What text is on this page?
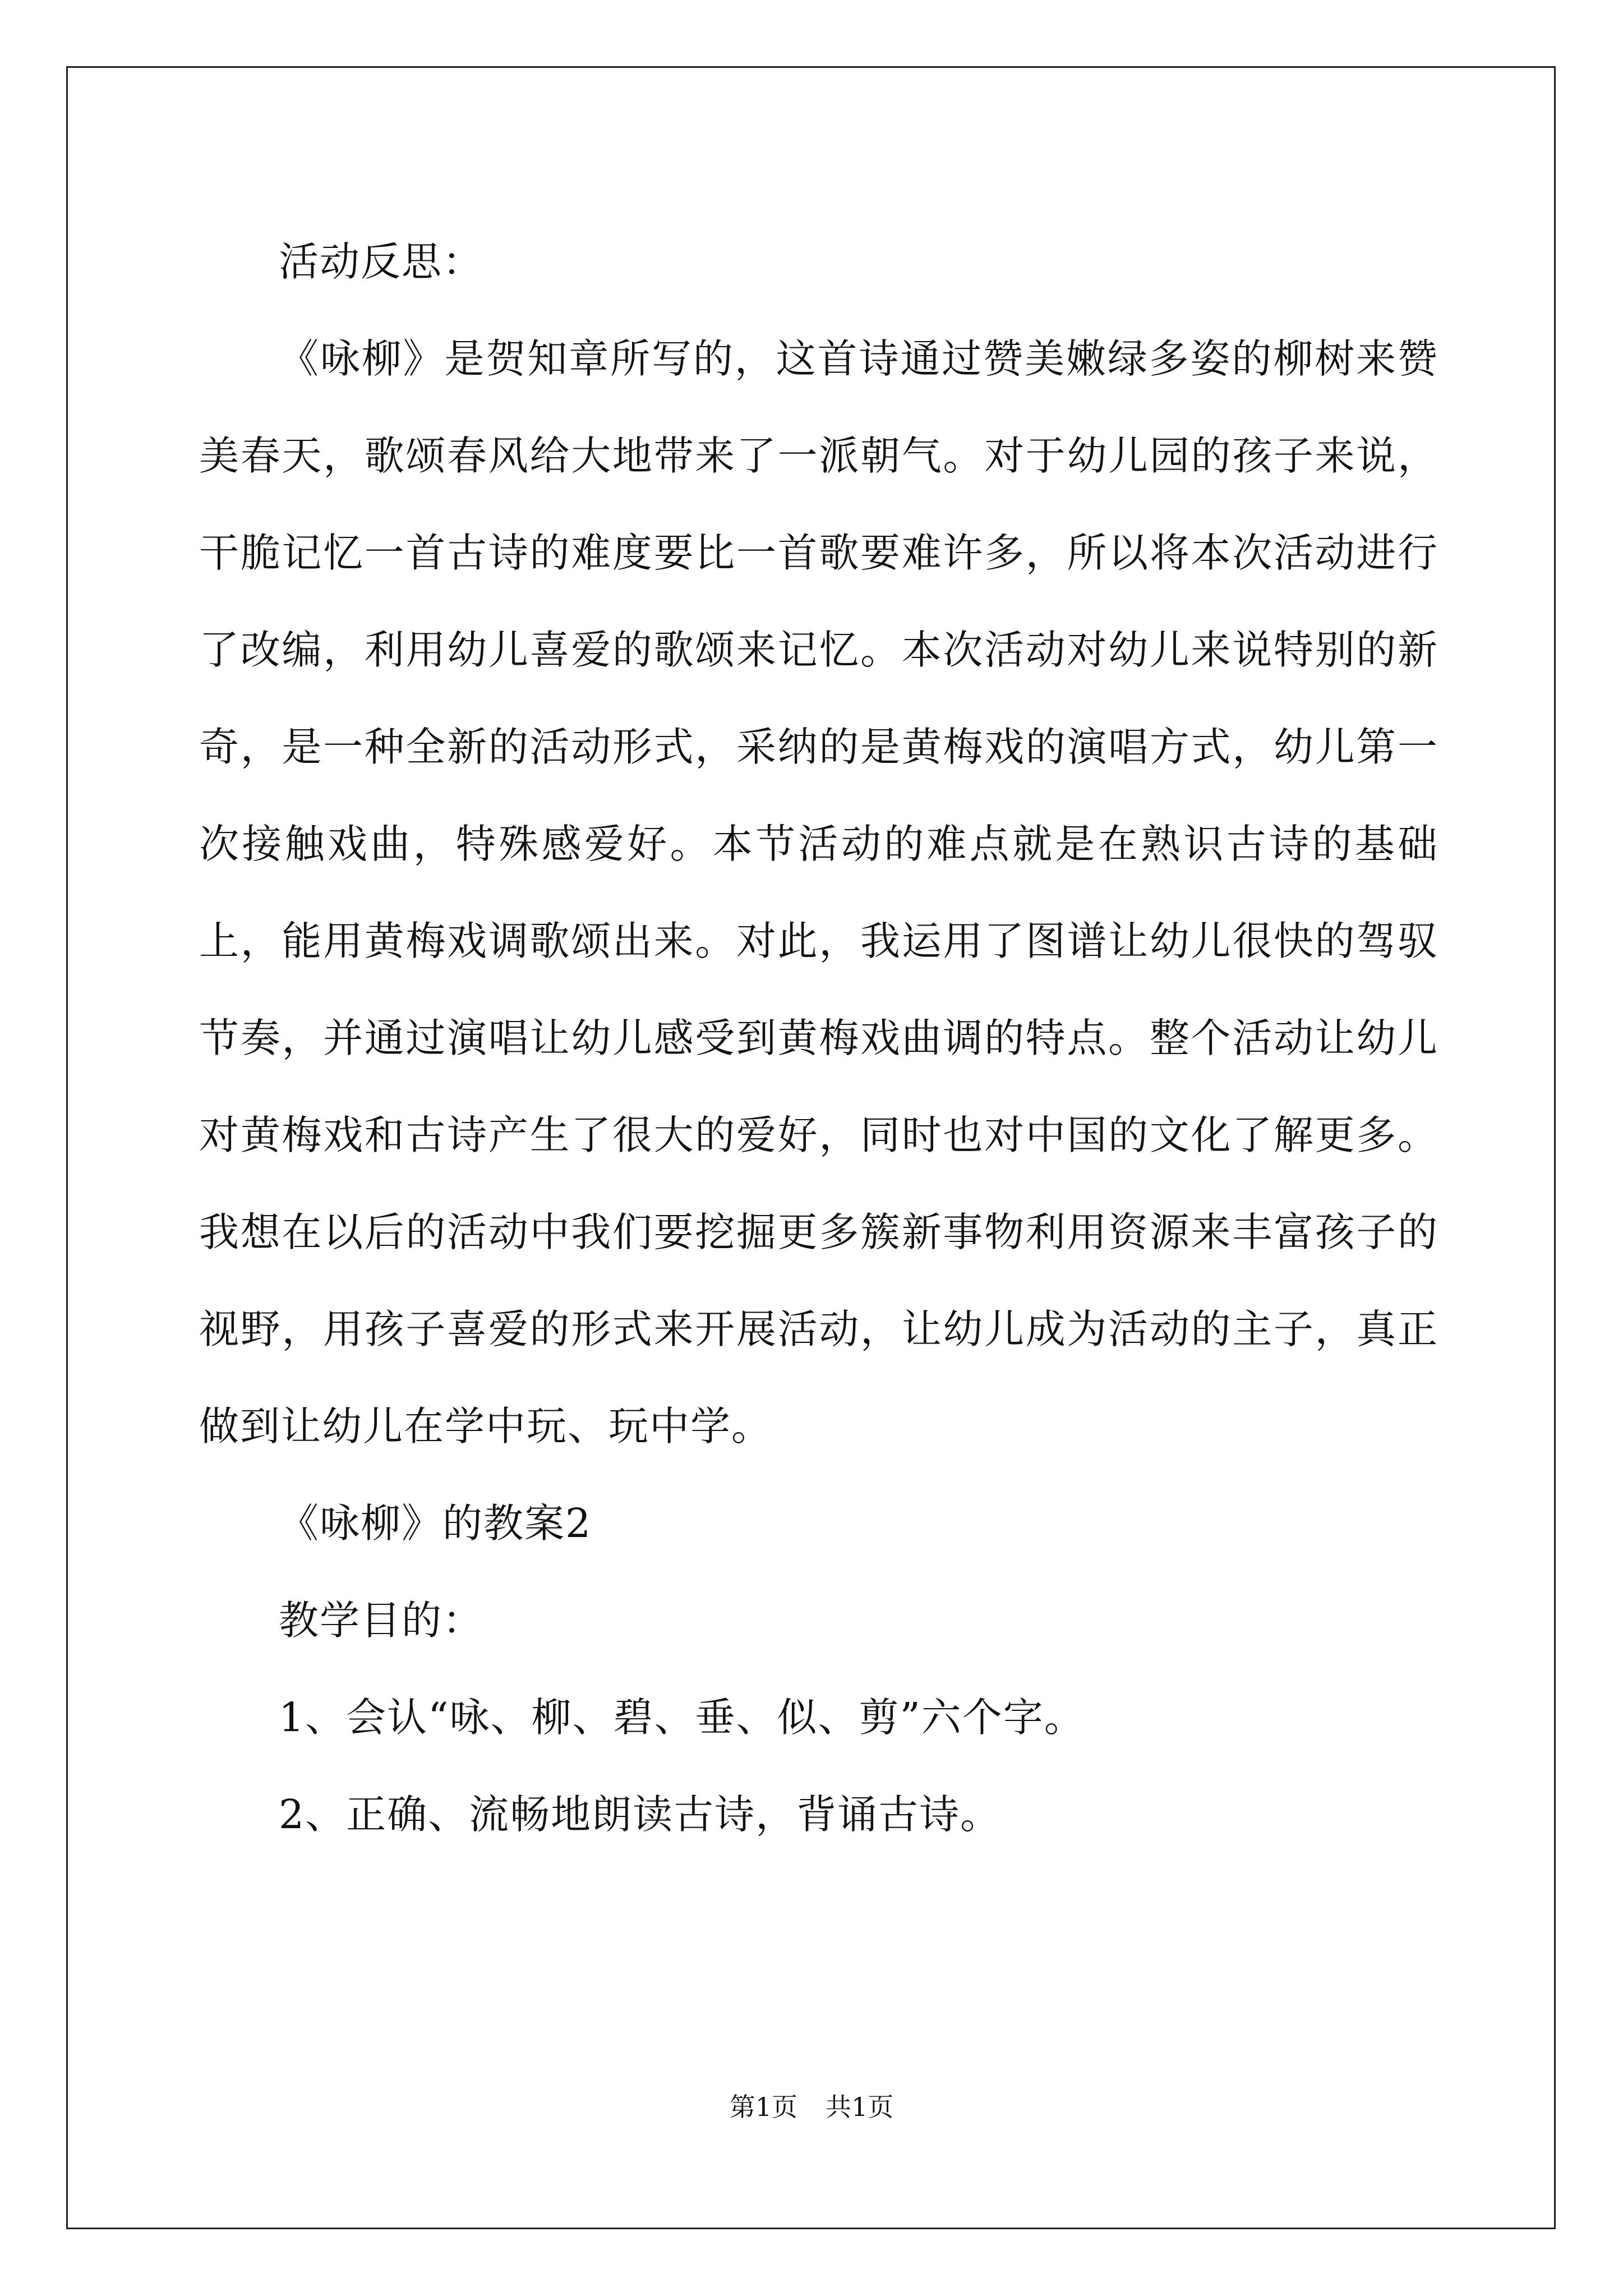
活动反思：

《咏柳》是贺知章所写的，这首诗通过赞美嫩绿多姿的柳树来赞美春天，歌颂春风给大地带来了一派朝气。对于幼儿园的孩子来说，干脆记忆一首古诗的难度要比一首歌要难许多，所以将本次活动进行了改编，利用幼儿喜爱的歌颂来记忆。本次活动对幼儿来说特别的新奇，是一种全新的活动形式，采纳的是黄梅戏的演唱方式，幼儿第一次接触戏曲，特殊感爱好。本节活动的难点就是在熟识古诗的基础上，能用黄梅戏调歌颂出来。对此，我运用了图谱让幼儿很快的驾驭节奏，并通过演唱让幼儿感受到黄梅戏曲调的特点。整个活动让幼儿对黄梅戏和古诗产生了很大的爱好，同时也对中国的文化了解更多。我想在以后的活动中我们要挖掘更多簇新事物利用资源来丰富孩子的视野，用孩子喜爱的形式来开展活动，让幼儿成为活动的主子，真正做到让幼儿在学中玩、玩中学。

《咏柳》的教案2

教学目的：

1、会认“咏、柳、碧、垂、似、剪”六个字。

2、正确、流畅地朗读古诗，背诵古诗。

第1页 共1页
